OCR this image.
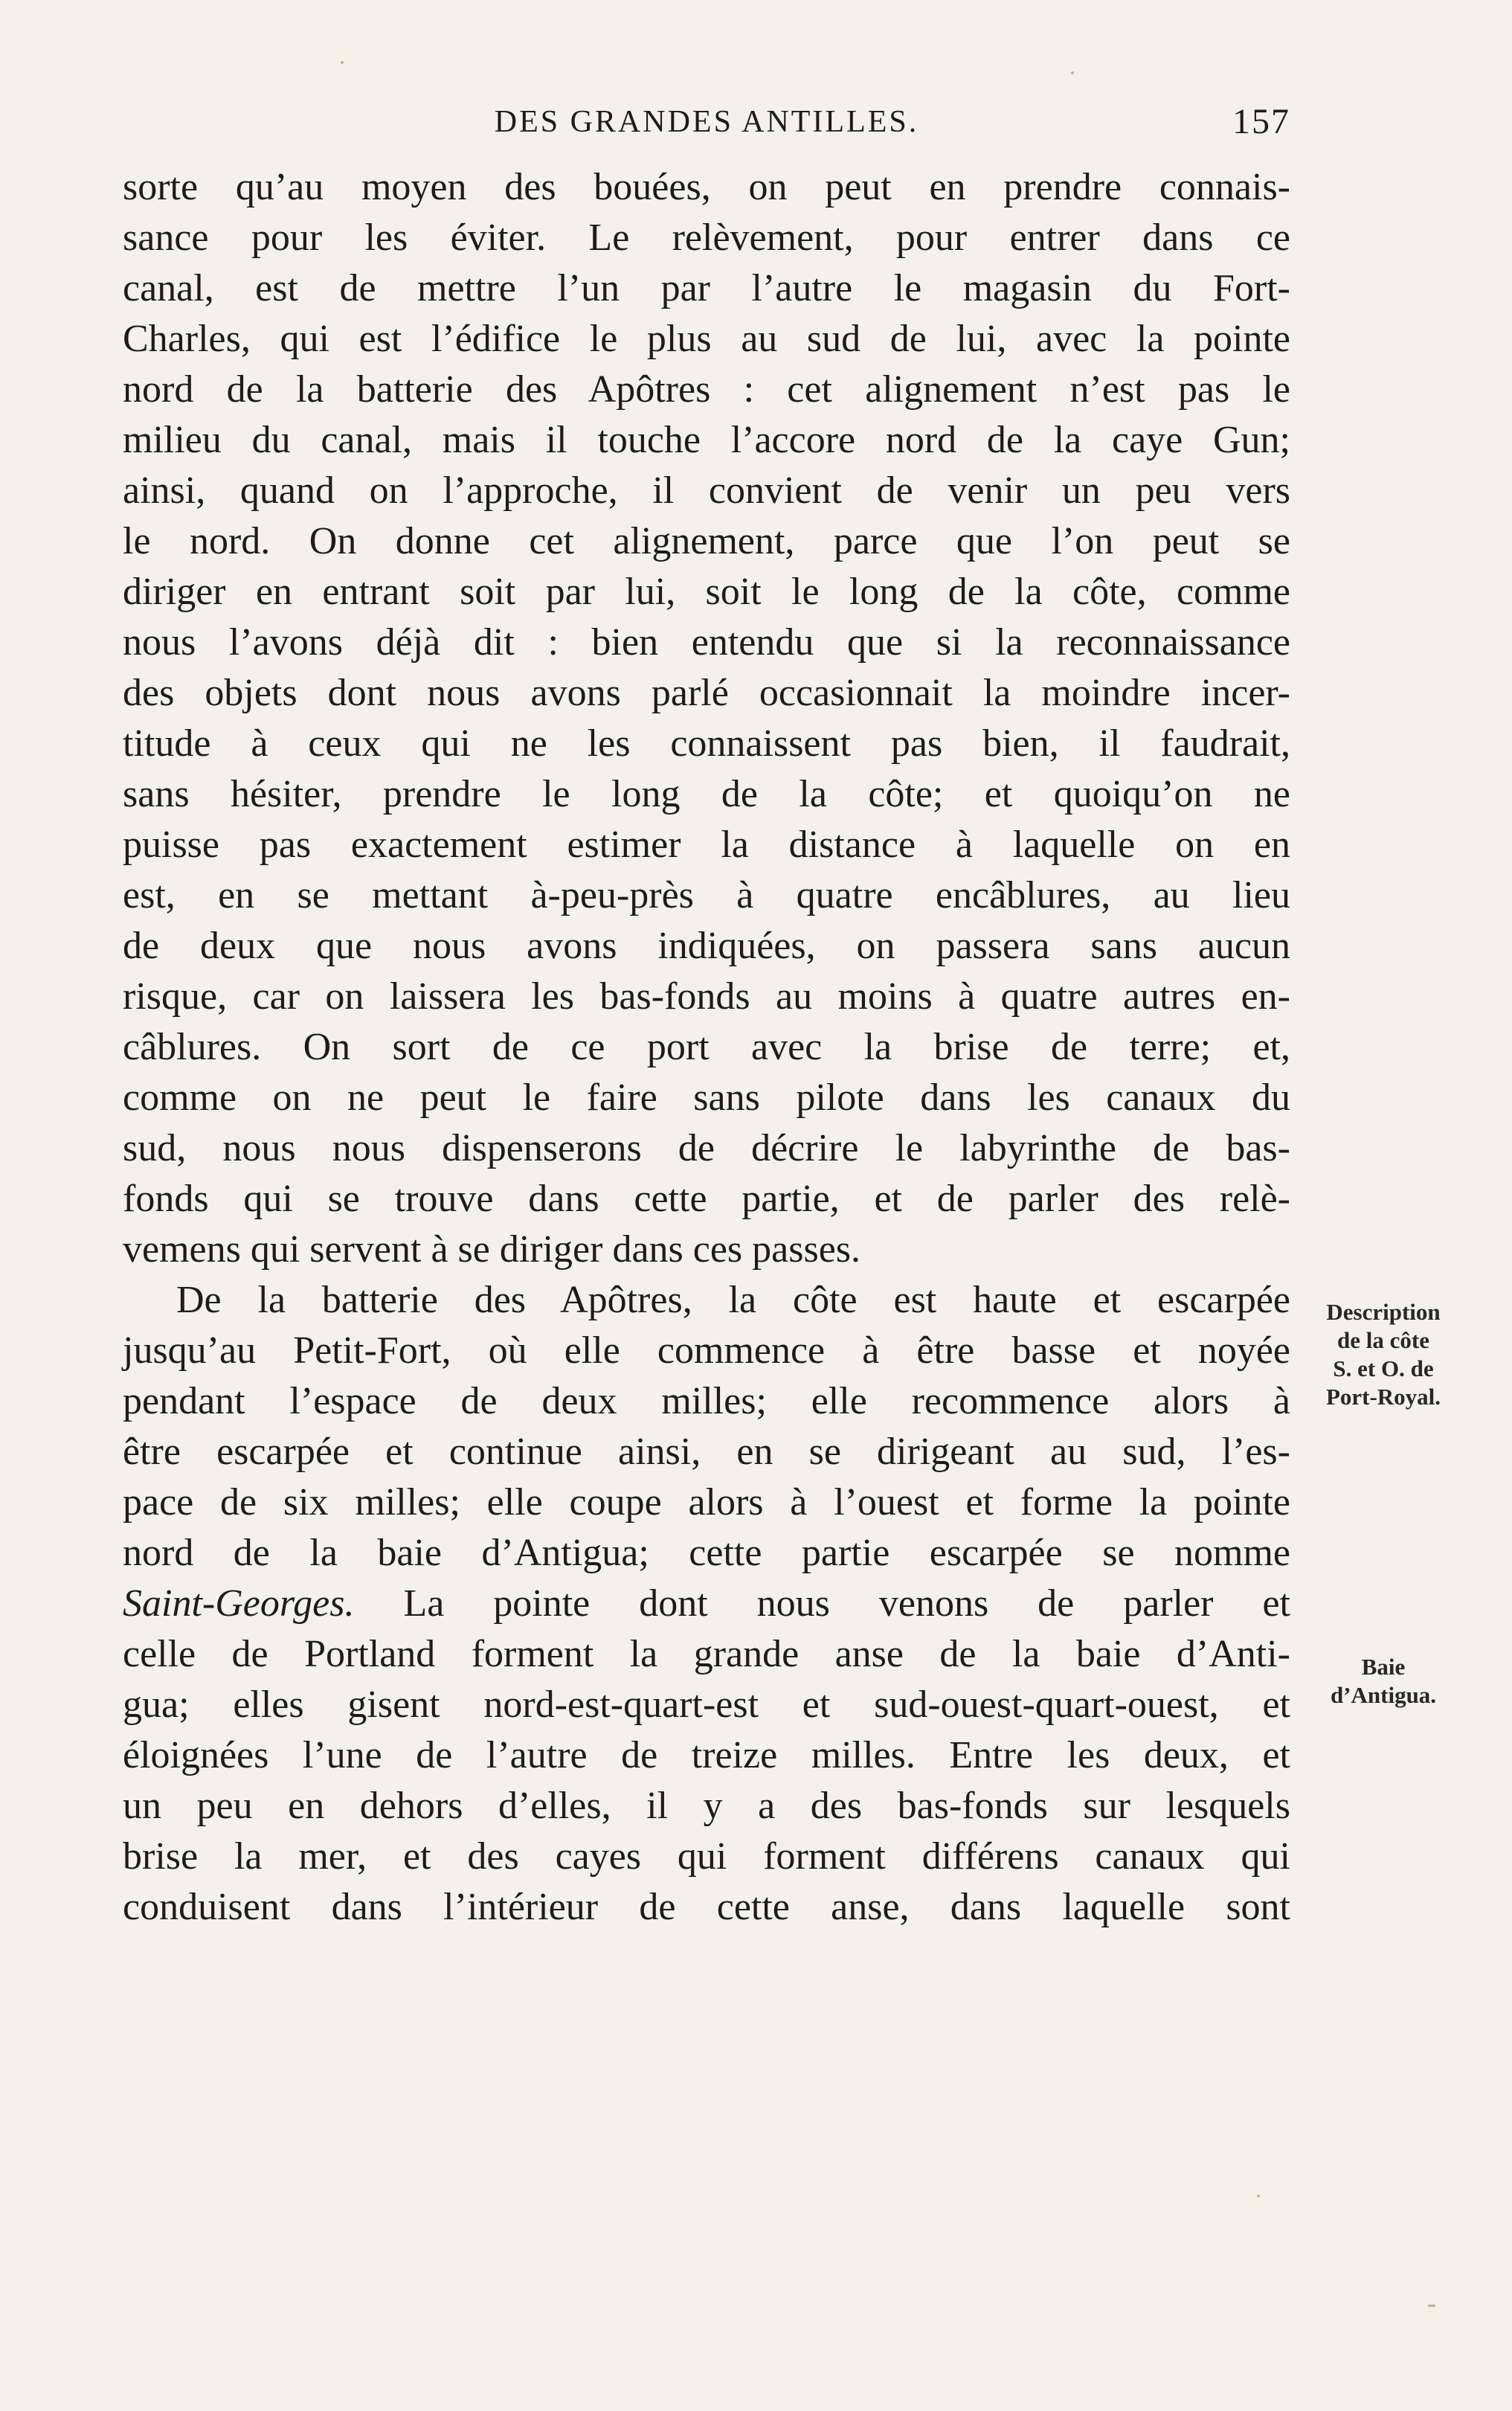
DES GRANDES ANTILLES.	157
sorte qu’au moyen des bouées, on peut en prendre connais-
sance pour les éviter. Le relèvement, pour entrer dans ce
canal, est de mettre l’un par l’autre le magasin du Fort-
Charles, qui est l’édifice le plus au sud de lui, avec la pointe
nord de la batterie des Apôtres : cet alignement n’est pas le
milieu du canal, mais il touche l’accore nord de la caye Gun;
ainsi, quand on l’approche, il convient de venir un peu vers
le nord. On donne cet alignement, parce que l’on peut se
diriger en entrant soit par lui, soit le long de la côte, comme
nous l’avons déjà dit : bien entendu que si la reconnaissance
des objets dont nous avons parlé occasionnait la moindre incer-
titude à ceux qui ne les connaissent pas bien, il faudrait,
sans hésiter, prendre le long de la côte; et quoiqu’on ne
puisse pas exactement estimer la distance à laquelle on en
est, en se mettant à-peu-près à quatre encâblures, au lieu
de deux que nous avons indiquées, on passera sans aucun
risque, car on laissera les bas-fonds au moins à quatre autres en-
câblures. On sort de ce port avec la brise de terre; et,
comme on ne peut le faire sans pilote dans les canaux du
sud, nous nous dispenserons de décrire le labyrinthe de bas-
fonds qui se trouve dans cette partie, et de parler des relè-
vemens qui servent à se diriger dans ces passes.
De la batterie des Apôtres, la côte est haute et escarpée
jusqu’au Petit-Fort, où elle commence à être basse et noyée
pendant l’espace de deux milles; elle recommence alors à
être escarpée et continue ainsi, en se dirigeant au sud, l’es-
pace de six milles; elle coupe alors à l’ouest et forme la pointe
nord de la baie d’Antigua; cette partie escarpée se nomme
Saint-Georges. La pointe dont nous venons de parler et
celle de Portland forment la grande anse de la baie d’Anti-
gua; elles gisent nord-est-quart-est et sud-ouest-quart-ouest, et
éloignées l’une de l’autre de treize milles. Entre les deux, et
un peu en dehors d’elles, il y a des bas-fonds sur lesquels
brise la mer, et des cayes qui forment différens canaux qui
conduisent dans l’intérieur de cette anse, dans laquelle sont
Description
de la côte
S. et O. de
Port-Royal.
Baie
d’Antigua.
